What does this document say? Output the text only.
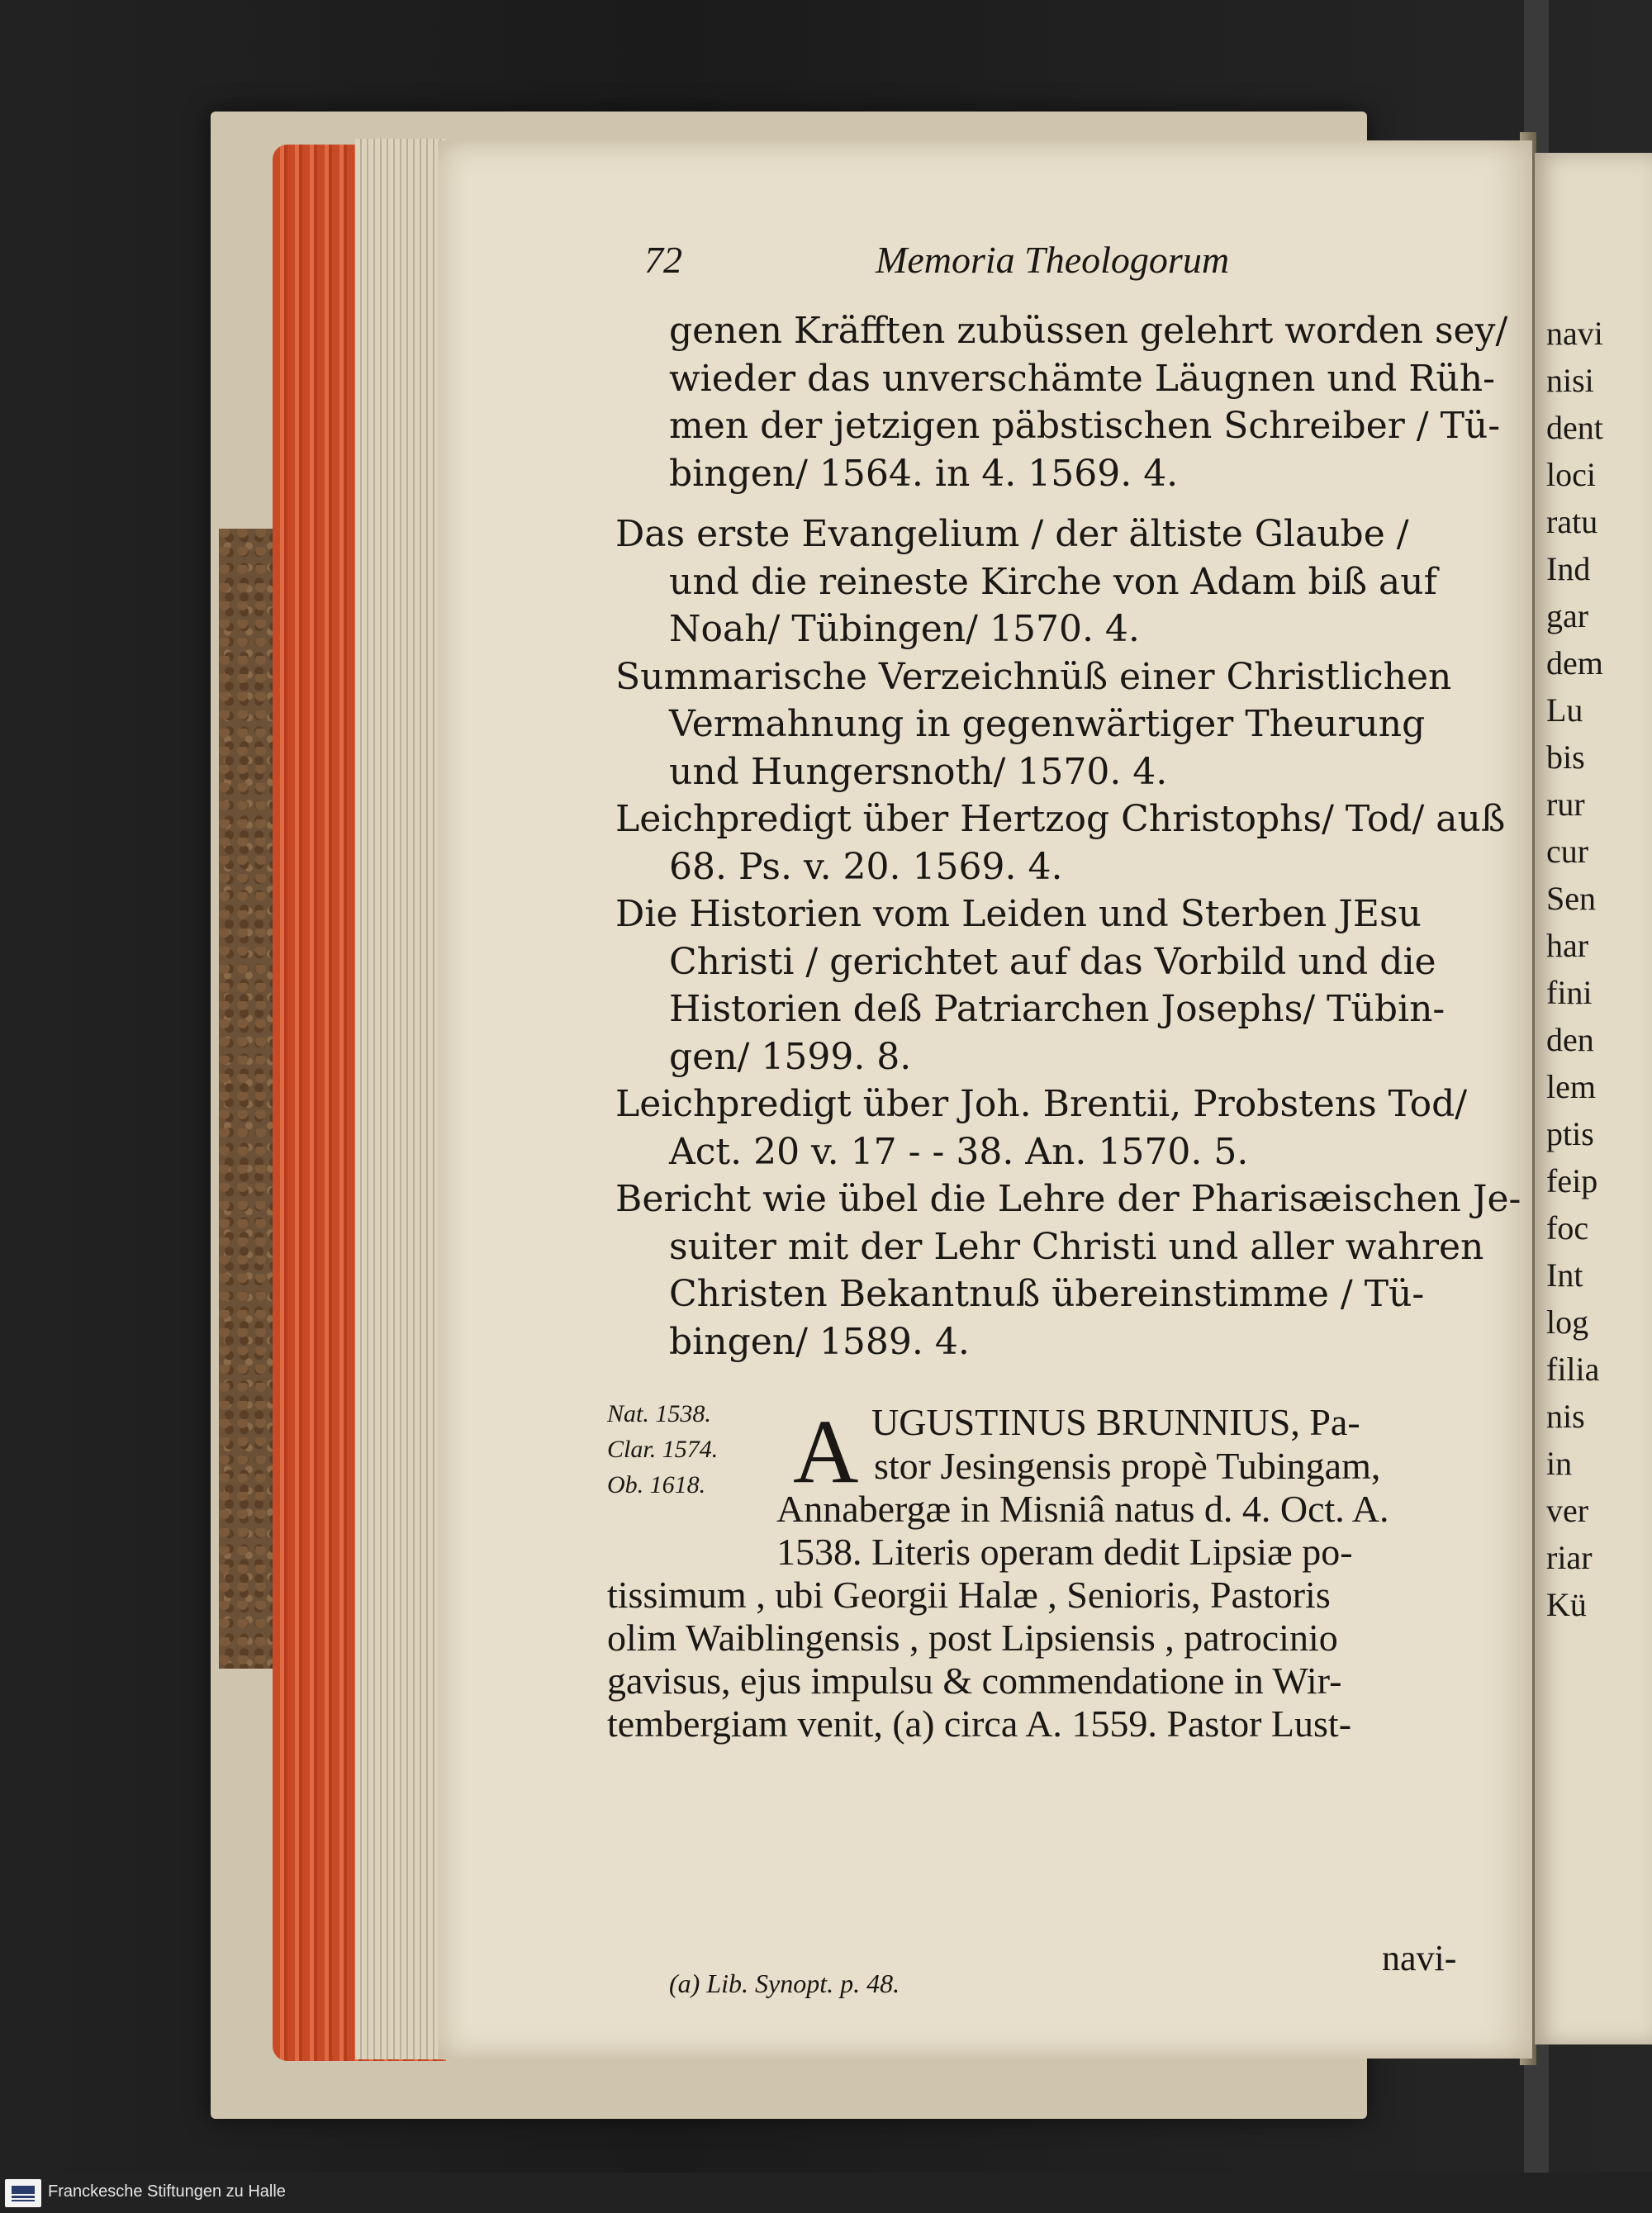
navi
nisi
dent
loci
ratu
Ind
gar
dem
Lu
bis
rur
cur
Sen
har
fini
den
lem
ptis
feip
foc
Int
log
filia
nis
in
ver
riar
Kü
72	Memoria Theologorum
genen Kräfften zubüssen gelehrt worden sey/
wieder das unverschämte Läugnen und Rüh-
men der jetzigen päbstischen Schreiber / Tü-
bingen/ 1564. in 4. 1569. 4.
Das erste Evangelium / der ältiste Glaube /
und die reineste Kirche von Adam biß auf
Noah/ Tübingen/ 1570. 4.
Summarische Verzeichnüß einer Christlichen
Vermahnung in gegenwärtiger Theurung
und Hungersnoth/ 1570. 4.
Leichpredigt über Hertzog Christophs/ Tod/ auß
68. Ps. v. 20. 1569. 4.
Die Historien vom Leiden und Sterben JEsu
Christi / gerichtet auf das Vorbild und die
Historien deß Patriarchen Josephs/ Tübin-
gen/ 1599. 8.
Leichpredigt über Joh. Brentii, Probstens Tod/
Act. 20 v. 17 - - 38. An. 1570. 5.
Bericht wie übel die Lehre der Pharisæischen Je-
suiter mit der Lehr Christi und aller wahren
Christen Bekantnuß übereinstimme / Tü-
bingen/ 1589. 4.
Nat. 1538.
Clar. 1574.
Ob. 1618. A UGUSTINUS BRUNNIUS, Pa-
stor Jesingensis propè Tubingam,
Annabergæ in Misniâ natus d. 4. Oct. A.
1538. Literis operam dedit Lipsiæ po-
tissimum , ubi Georgii Halæ , Senioris, Pastoris
olim Waiblingensis , post Lipsiensis , patrocinio
gavisus, ejus impulsu & commendatione in Wir-
tembergiam venit, (a) circa A. 1559. Pastor Lust-
navi-
(a) Lib. Synopt. p. 48.
Franckesche Stiftungen zu Halle
